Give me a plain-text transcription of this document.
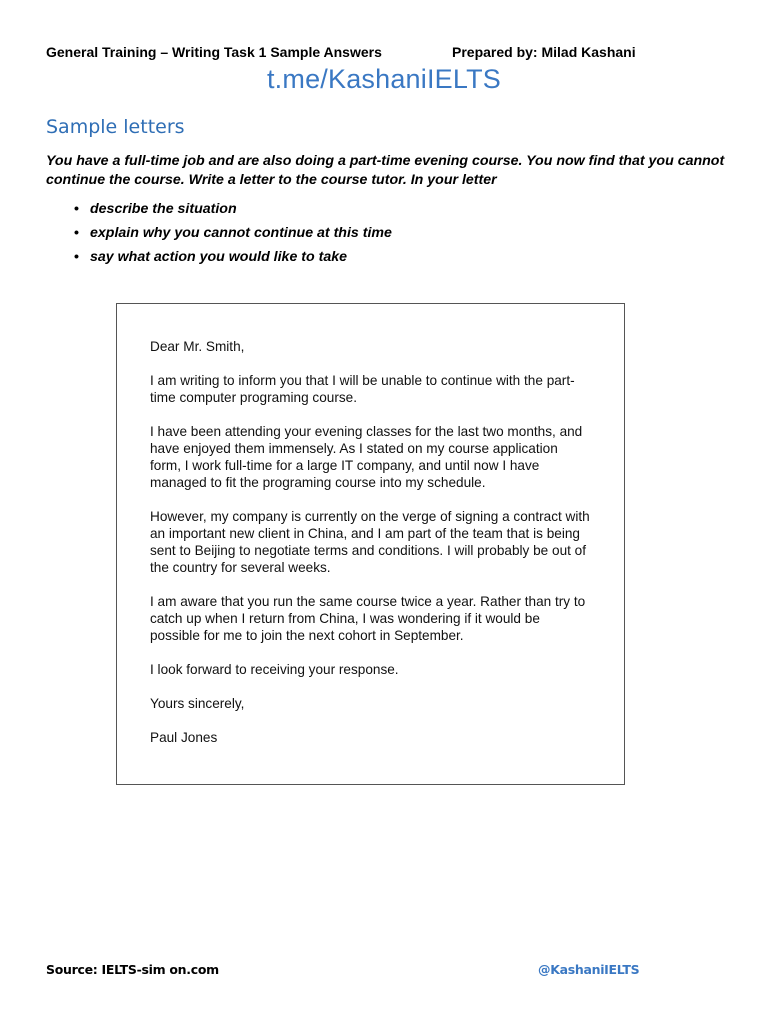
General Training – Writing Task 1 Sample Answers	Prepared by: Milad Kashani
t.me/KashaniIELTS
Sample letters
You have a full-time job and are also doing a part-time evening course. You now find that you cannot continue the course. Write a letter to the course tutor. In your letter
• describe the situation
• explain why you cannot continue at this time
• say what action you would like to take

Dear Mr. Smith,

I am writing to inform you that I will be unable to continue with the part-time computer programing course.

I have been attending your evening classes for the last two months, and have enjoyed them immensely. As I stated on my course application form, I work full-time for a large IT company, and until now I have managed to fit the programing course into my schedule.

However, my company is currently on the verge of signing a contract with an important new client in China, and I am part of the team that is being sent to Beijing to negotiate terms and conditions. I will probably be out of the country for several weeks.

I am aware that you run the same course twice a year. Rather than try to catch up when I return from China, I was wondering if it would be possible for me to join the next cohort in September.

I look forward to receiving your response.

Yours sincerely,

Paul Jones

Source: IELTS-sim on.com	@KashaniIELTS
